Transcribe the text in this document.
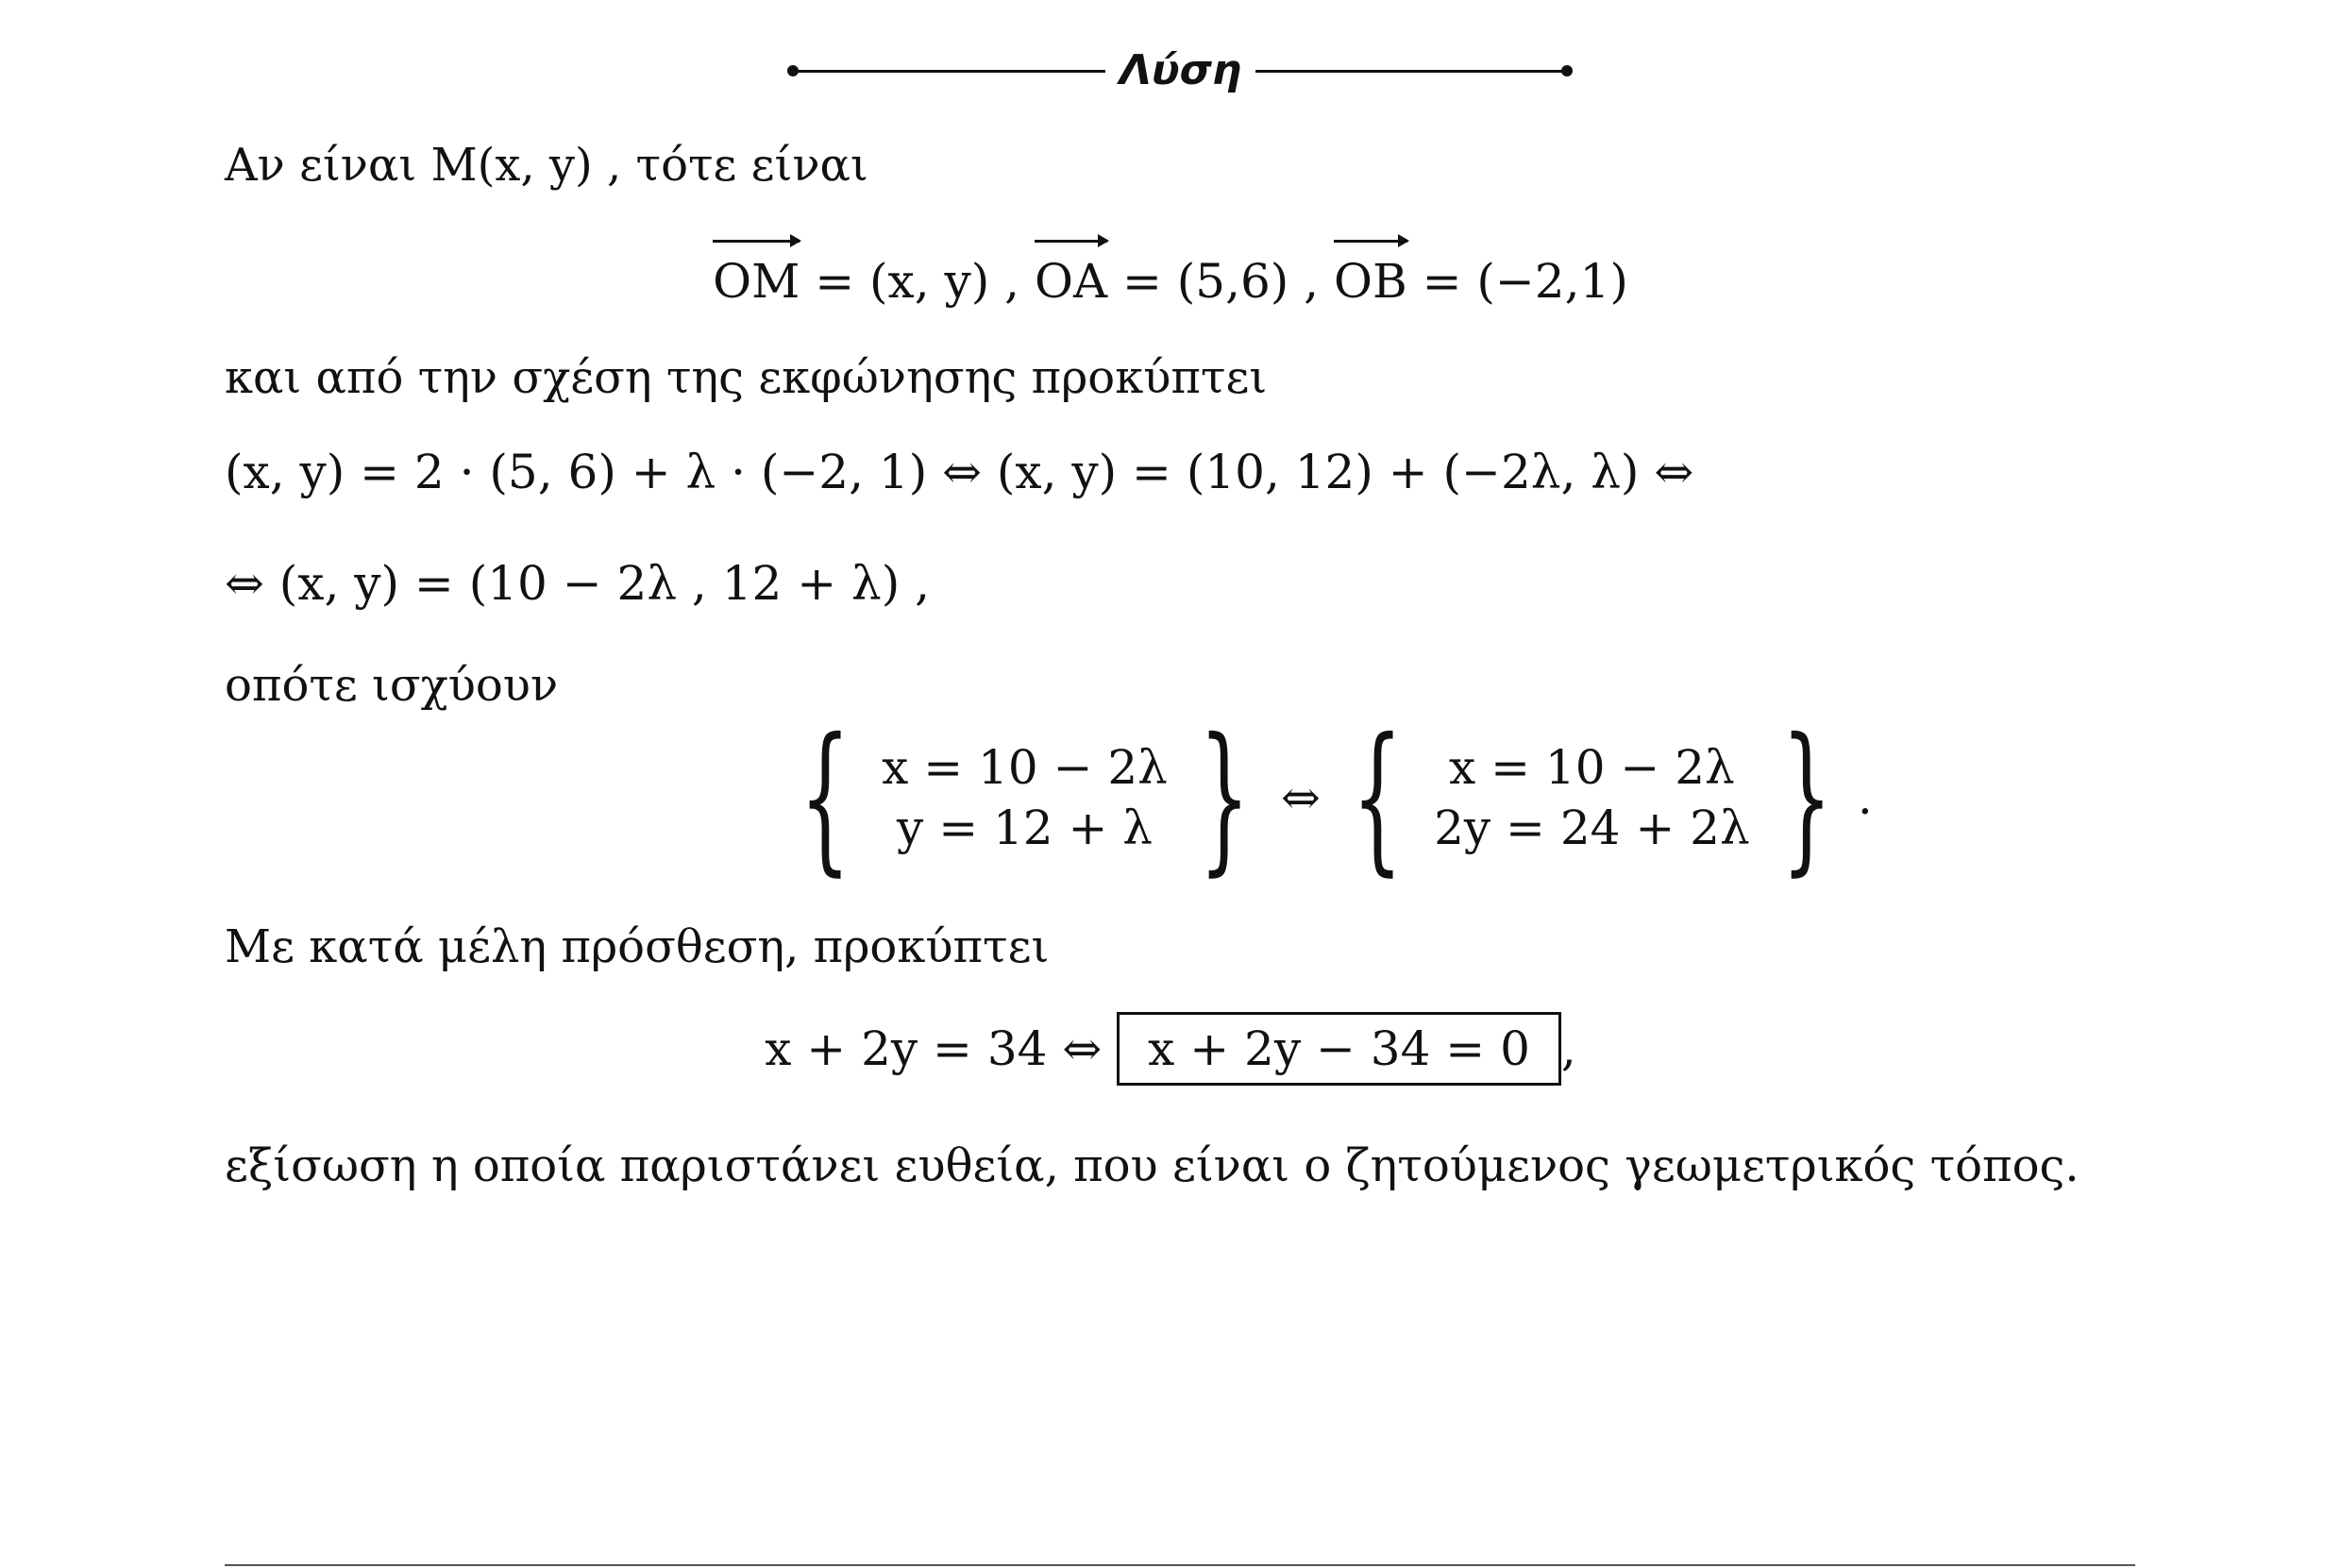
Λύση
Αν είναι M(x, y) , τότε είναι
OM = (x, y) ,
OA = (5,6) ,
OB = (−2,1)
και από την σχέση της εκφώνησης προκύπτει
(x, y) = 2 · (5, 6) + λ · (−2, 1) ⇔ (x, y) = (10, 12) + (−2λ, λ) ⇔
⇔ (x, y) = (10 − 2λ , 12 + λ) ,
οπότε ισχύουν
{ x = 10 − 2λ
y = 12 + λ } ⇔ { x = 10 − 2λ
2y = 24 + 2λ } .
Με κατά μέλη πρόσθεση, προκύπτει
x + 2y = 34 ⇔ x + 2y − 34 = 0 ,
εξίσωση η οποία παριστάνει ευθεία, που είναι ο ζητούμενος γεωμετρικός τόπος.
